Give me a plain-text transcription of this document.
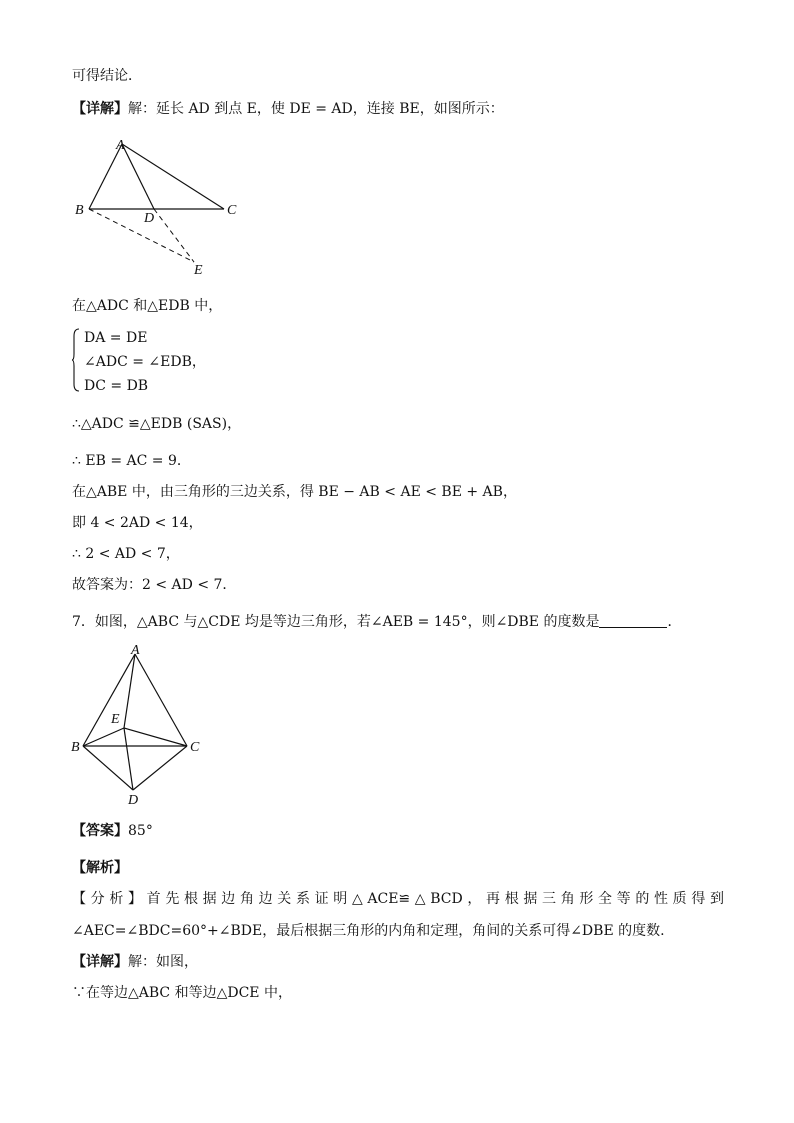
可得结论．
【详解】解：延长 AD 到点 E，使 DE = AD，连接 BE，如图所示：
A
B	C
D
E
在△ADC 和△EDB 中，
DA = DE
∠ADC = ∠EDB，
DC = DB
∴△ADC ≌△EDB (SAS)，
∴ EB = AC = 9．
在△ABE 中，由三角形的三边关系，得 BE − AB < AE < BE + AB，
即 4 < 2AD < 14，
∴ 2 < AD < 7，
故答案为：2 < AD < 7．
7．如图，△ABC 与△CDE 均是等边三角形，若∠AEB = 145°，则∠DBE 的度数是	．
A
E
B	C
D
【答案】85°
【解析】
【分析】首先根据边角边关系证明△ACE≌△BCD，再根据三角形全等的性质得到
∠AEC=∠BDC=60°+∠BDE，最后根据三角形的内角和定理，角间的关系可得∠DBE 的度数.
【详解】解：如图，
∵在等边△ABC 和等边△DCE 中，
